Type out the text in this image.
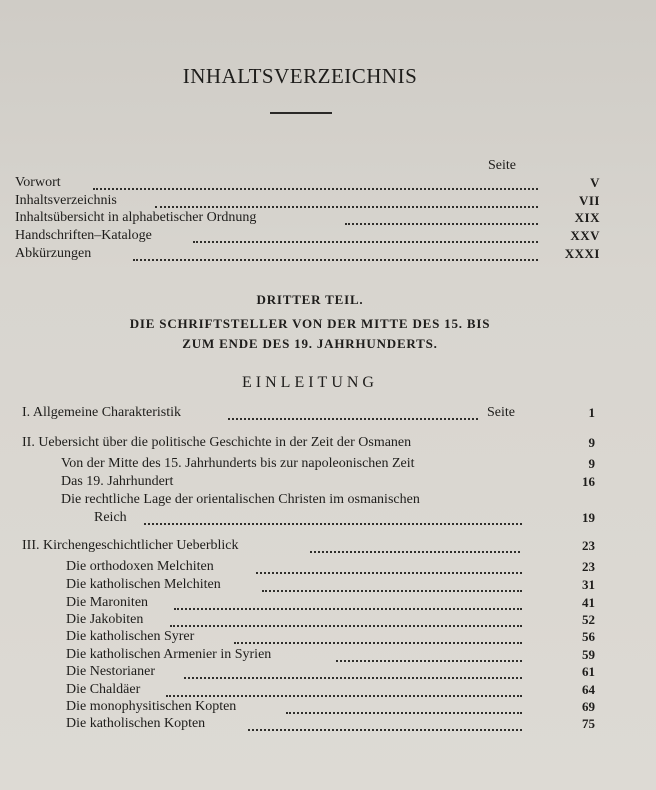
INHALTSVERZEICHNIS
Seite
Vorwort	V
Inhaltsverzeichnis	VII
Inhaltsübersicht in alphabetischer Ordnung	XIX
Handschriften–Kataloge	XXV
Abkürzungen	XXXI
DRITTER TEIL.
DIE SCHRIFTSTELLER VON DER MITTE DES 15. BIS
ZUM ENDE DES 19. JAHRHUNDERTS.
EINLEITUNG
I. Allgemeine Charakteristik	Seite	1
II. Uebersicht über die politische Geschichte in der Zeit der Osmanen	9
Von der Mitte des 15. Jahrhunderts bis zur napoleonischen Zeit	9
Das 19. Jahrhundert	16
Die rechtliche Lage der orientalischen Christen im osmanischen
Reich	19
III. Kirchengeschichtlicher Ueberblick	23
Die orthodoxen Melchiten	23
Die katholischen Melchiten	31
Die Maroniten	41
Die Jakobiten	52
Die katholischen Syrer	56
Die katholischen Armenier in Syrien	59
Die Nestorianer	61
Die Chaldäer	64
Die monophysitischen Kopten	69
Die katholischen Kopten	75
